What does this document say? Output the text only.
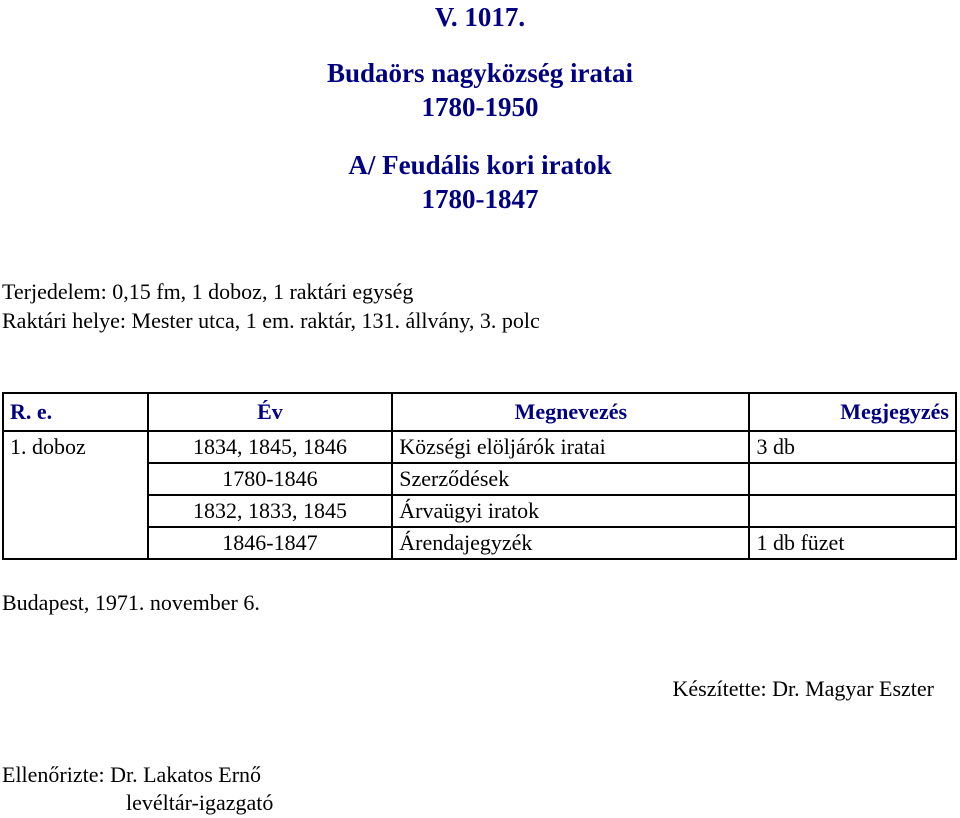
V. 1017.
Budaörs nagyközség iratai
1780-1950
A/ Feudális kori iratok
1780-1847
Terjedelem: 0,15 fm, 1 doboz, 1 raktári egység
Raktári helye: Mester utca, 1 em. raktár, 131. állvány, 3. polc
R. e.	Év	Megnevezés	Megjegyzés
1. doboz	1834, 1845, 1846	Községi elöljárók iratai	3 db
	1780-1846	Szerződések	
	1832, 1833, 1845	Árvaügyi iratok	
	1846-1847	Árendajegyzék	1 db füzet
Budapest, 1971. november 6.
Készítette: Dr. Magyar Eszter
Ellenőrizte: Dr. Lakatos Ernő
levéltár-igazgató
